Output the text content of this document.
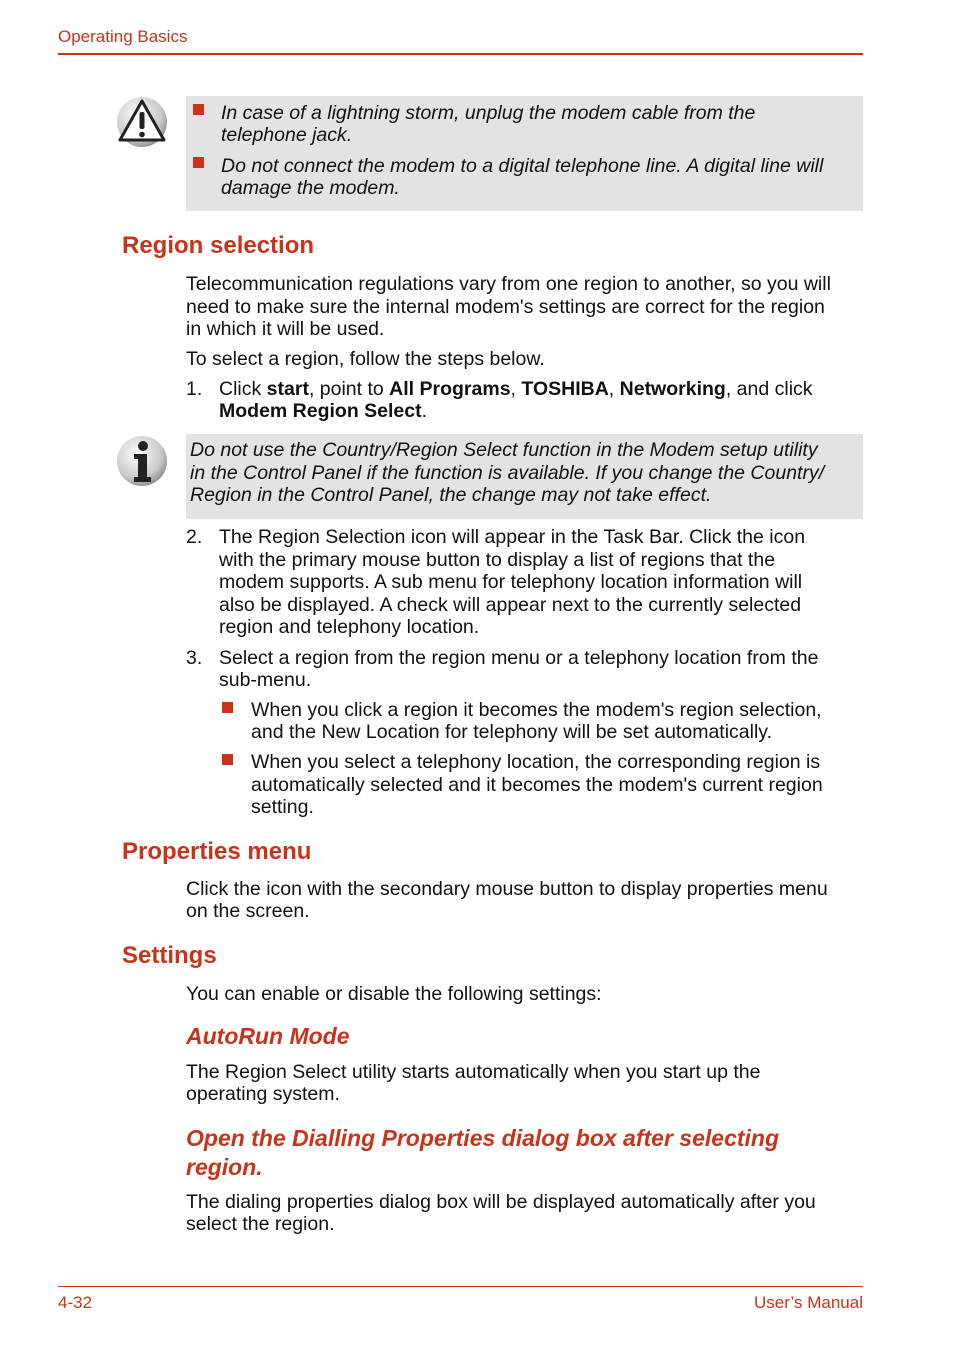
Operating Basics
In case of a lightning storm, unplug the modem cable from the
telephone jack.
Do not connect the modem to a digital telephone line. A digital line will
damage the modem.
Region selection
Telecommunication regulations vary from one region to another, so you will
need to make sure the internal modem's settings are correct for the region
in which it will be used.
To select a region, follow the steps below.
1. Click start, point to All Programs, TOSHIBA, Networking, and click
Modem Region Select.
Do not use the Country/Region Select function in the Modem setup utility
in the Control Panel if the function is available. If you change the Country/
Region in the Control Panel, the change may not take effect.
2. The Region Selection icon will appear in the Task Bar. Click the icon
with the primary mouse button to display a list of regions that the
modem supports. A sub menu for telephony location information will
also be displayed. A check will appear next to the currently selected
region and telephony location.
3. Select a region from the region menu or a telephony location from the
sub-menu.
When you click a region it becomes the modem's region selection,
and the New Location for telephony will be set automatically.
When you select a telephony location, the corresponding region is
automatically selected and it becomes the modem's current region
setting.
Properties menu
Click the icon with the secondary mouse button to display properties menu
on the screen.
Settings
You can enable or disable the following settings:
AutoRun Mode
The Region Select utility starts automatically when you start up the
operating system.
Open the Dialling Properties dialog box after selecting
region.
The dialing properties dialog box will be displayed automatically after you
select the region.
4-32	User’s Manual
